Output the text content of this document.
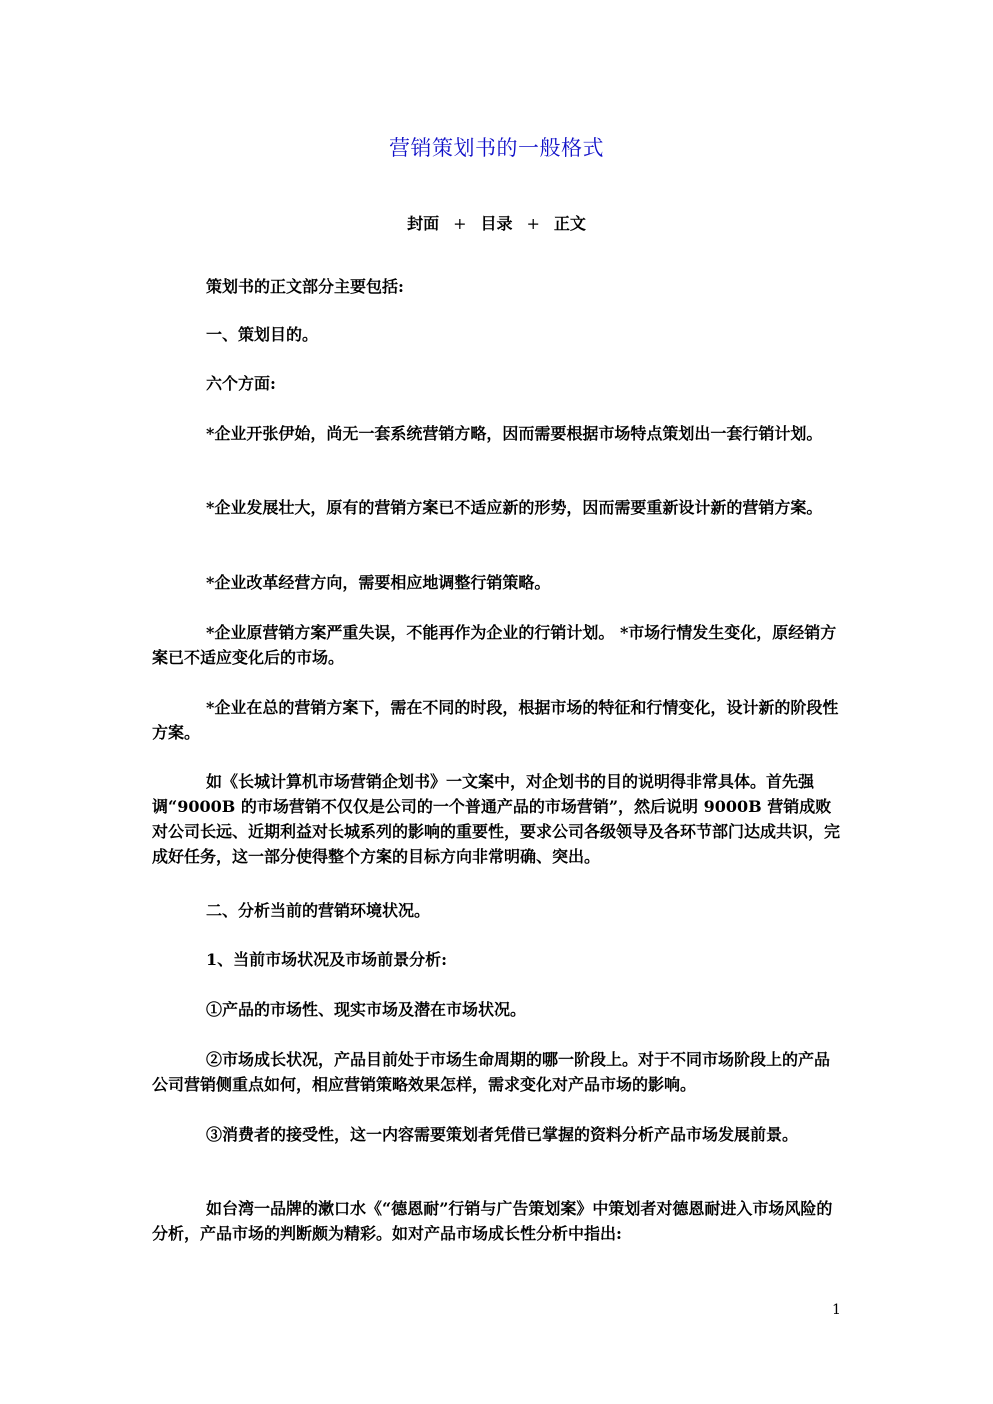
营销策划书的一般格式
封面 + 目录 + 正文

策划书的正文部分主要包括:

一、策划目的。

六个方面:

*企业开张伊始，尚无一套系统营销方略，因而需要根据市场特点策划出一套行销计划。

*企业发展壮大，原有的营销方案已不适应新的形势，因而需要重新设计新的营销方案。

*企业改革经营方向，需要相应地调整行销策略。

*企业原营销方案严重失误，不能再作为企业的行销计划。 *市场行情发生变化，原经销方案已不适应变化后的市场。

*企业在总的营销方案下，需在不同的时段，根据市场的特征和行情变化，设计新的阶段性方案。

如《长城计算机市场营销企划书》一文案中，对企划书的目的说明得非常具体。首先强调“9000B 的市场营销不仅仅是公司的一个普通产品的市场营销”，然后说明 9000B 营销成败对公司长远、近期利益对长城系列的影响的重要性，要求公司各级领导及各环节部门达成共识，完成好任务，这一部分使得整个方案的目标方向非常明确、突出。

二、分析当前的营销环境状况。

1、当前市场状况及市场前景分析:

①产品的市场性、现实市场及潜在市场状况。

②市场成长状况，产品目前处于市场生命周期的哪一阶段上。对于不同市场阶段上的产品公司营销侧重点如何，相应营销策略效果怎样，需求变化对产品市场的影响。

③消费者的接受性，这一内容需要策划者凭借已掌握的资料分析产品市场发展前景。

如台湾一品牌的漱口水《“德恩耐”行销与广告策划案》中策划者对德恩耐进入市场风险的分析，产品市场的判断颇为精彩。如对产品市场成长性分析中指出:

1
